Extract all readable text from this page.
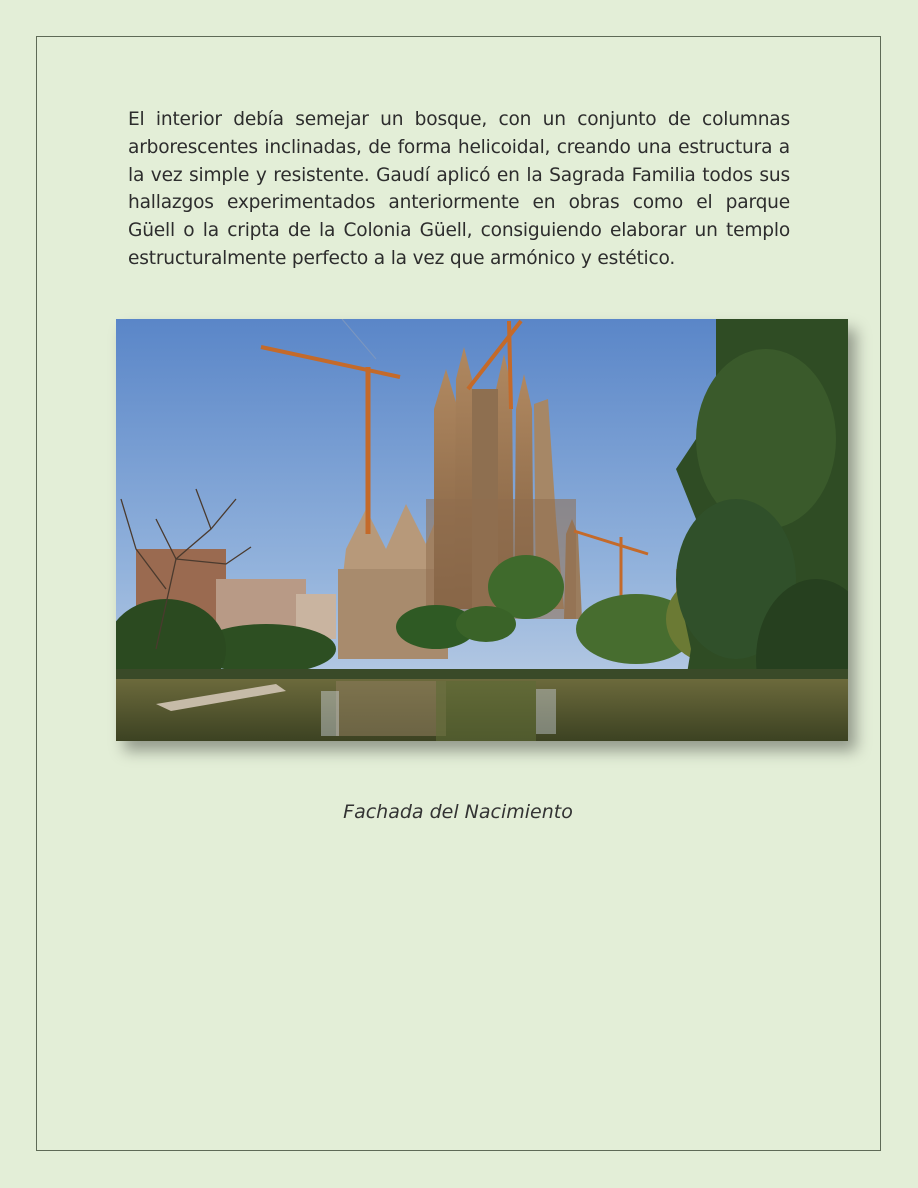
El interior debía semejar un bosque, con un conjunto de columnas arborescentes inclinadas, de forma helicoidal, creando una estructura a la vez simple y resistente. Gaudí aplicó en la Sagrada Familia todos sus hallazgos experimentados anteriormente en obras como el parque Güell o la cripta de la Colonia Güell, consiguiendo elaborar un templo estructuralmente perfecto a la vez que armónico y estético.

Fachada del Nacimiento
